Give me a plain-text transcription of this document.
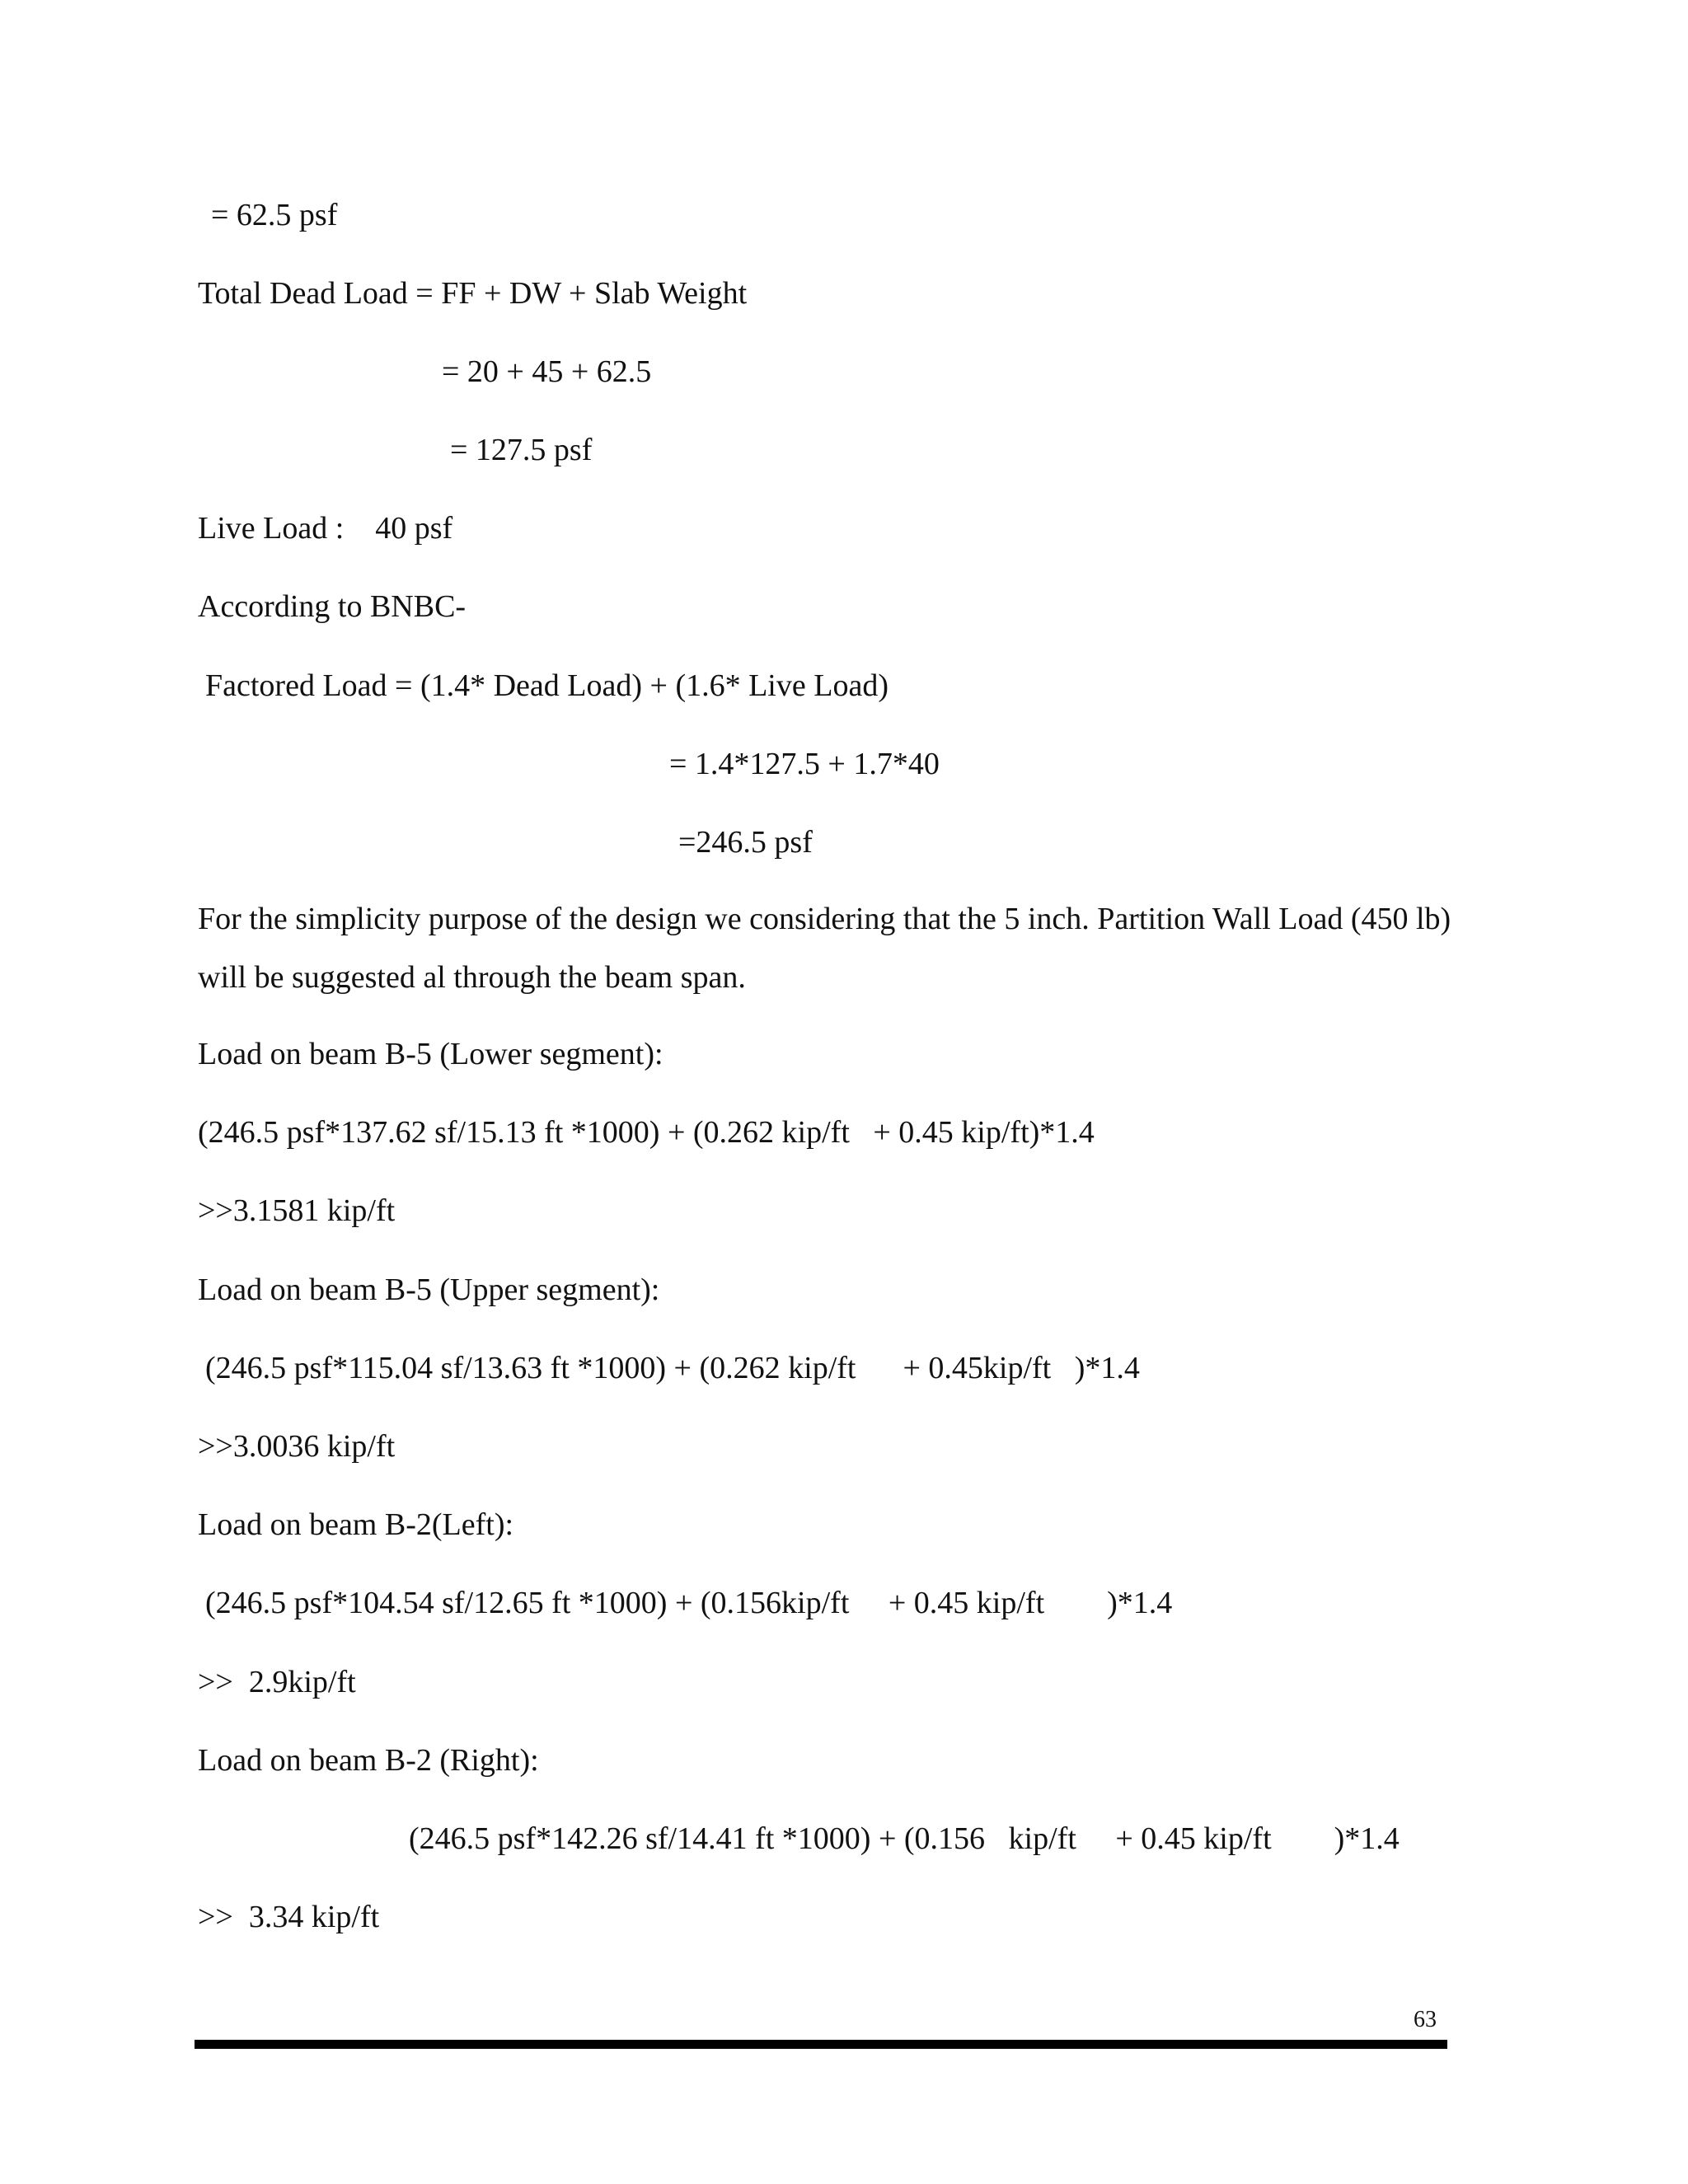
= 62.5 psf

Total Dead Load = FF + DW + Slab Weight

= 20 + 45 + 62.5

= 127.5 psf

Live Load :    40 psf

According to BNBC-

Factored Load = (1.4* Dead Load) + (1.6* Live Load)

= 1.4*127.5 + 1.7*40

=246.5 psf

For the simplicity purpose of the design we considering that the 5 inch. Partition Wall Load (450 lb) will be suggested al through the beam span.

Load on beam B-5 (Lower segment):

(246.5 psf*137.62 sf/15.13 ft *1000) + (0.262 kip/ft   + 0.45 kip/ft)*1.4

>>3.1581 kip/ft

Load on beam B-5 (Upper segment):

(246.5 psf*115.04 sf/13.63 ft *1000) + (0.262 kip/ft      + 0.45kip/ft   )*1.4

>>3.0036 kip/ft

Load on beam B-2(Left):

(246.5 psf*104.54 sf/12.65 ft *1000) + (0.156kip/ft     + 0.45 kip/ft        )*1.4

>>  2.9kip/ft

Load on beam B-2 (Right):

(246.5 psf*142.26 sf/14.41 ft *1000) + (0.156   kip/ft     + 0.45 kip/ft        )*1.4

>>  3.34 kip/ft

63
